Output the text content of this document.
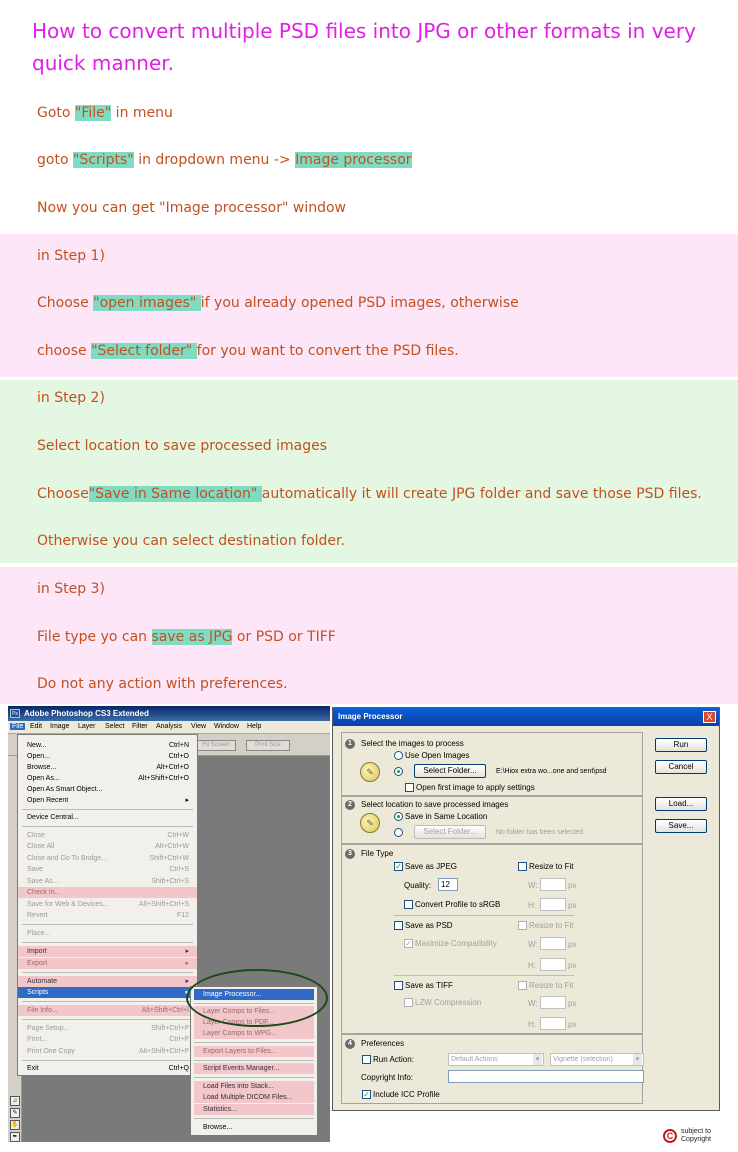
How to convert multiple PSD files into JPG or other formats in very quick manner.
Goto "File" in menu
goto "Scripts" in dropdown menu -> Image processor
Now you can get "Image processor" window
in Step 1)
Choose "open images" if you already opened PSD images, otherwise
choose "Select folder" for you want to convert the PSD files.
in Step 2)
Select location to save processed images
Choose"Save in Same location" automatically it will create JPG folder and save those PSD files.
Otherwise you can select destination folder.
in Step 3)
File type yo can save as JPG or PSD or TIFF
Do not any action with preferences.
Adobe Photoshop CS3 Extended
Ps
File Edit Image Layer Select Filter Analysis View Window Help
Fit Screen	Print Size
♫
✎
✋
✒
New...	Ctrl+N
Open...	Ctrl+O
Browse...	Alt+Ctrl+O
Open As...	Alt+Shift+Ctrl+O
Open As Smart Object...
Open Recent	▸
Device Central...
Close	Ctrl+W
Close All	Alt+Ctrl+W
Close and Go To Bridge...	Shift+Ctrl+W
Save	Ctrl+S
Save As...	Shift+Ctrl+S
Check In...
Save for Web & Devices...	Alt+Shift+Ctrl+S
Revert	F12
Place...
Import	▸
Export	▸
Automate	▸
Scripts	▸
File Info...	Alt+Shift+Ctrl+I
Page Setup...	Shift+Ctrl+P
Print...	Ctrl+P
Print One Copy	Alt+Shift+Ctrl+P
Exit	Ctrl+Q
Image Processor...
Layer Comps to Files...
Layer Comps to PDF...
Layer Comps to WPG...
Export Layers to Files...
Script Events Manager...
Load Files into Stack...
Load Multiple DICOM Files...
Statistics...
Browse...
Image Processor	X
1	Select the images to process
Use Open Images
✎	Select Folder...	E:\Hiox extra wo...one and sent\psd
Open first image to apply settings
2	Select location to save processed images
✎
Save in Same Location
Select Folder...	No folder has been selected
3	File Type
✓ Save as JPEG	Resize to Fit
Quality:	12	W:	px
Convert Profile to sRGB	H:	px
Save as PSD	Resize to Fit
✓ Maximize Compatibility	W:	px
H:	px
Save as TIFF	Resize to Fit
LZW Compression	W:	px
H:	px
4	Preferences
Run Action:	Default Actions ▾	Vignette (selection) ▾
Copyright Info:
✓ Include ICC Profile
Run
Cancel
Load...
Save...
C	subject to
Copyright
